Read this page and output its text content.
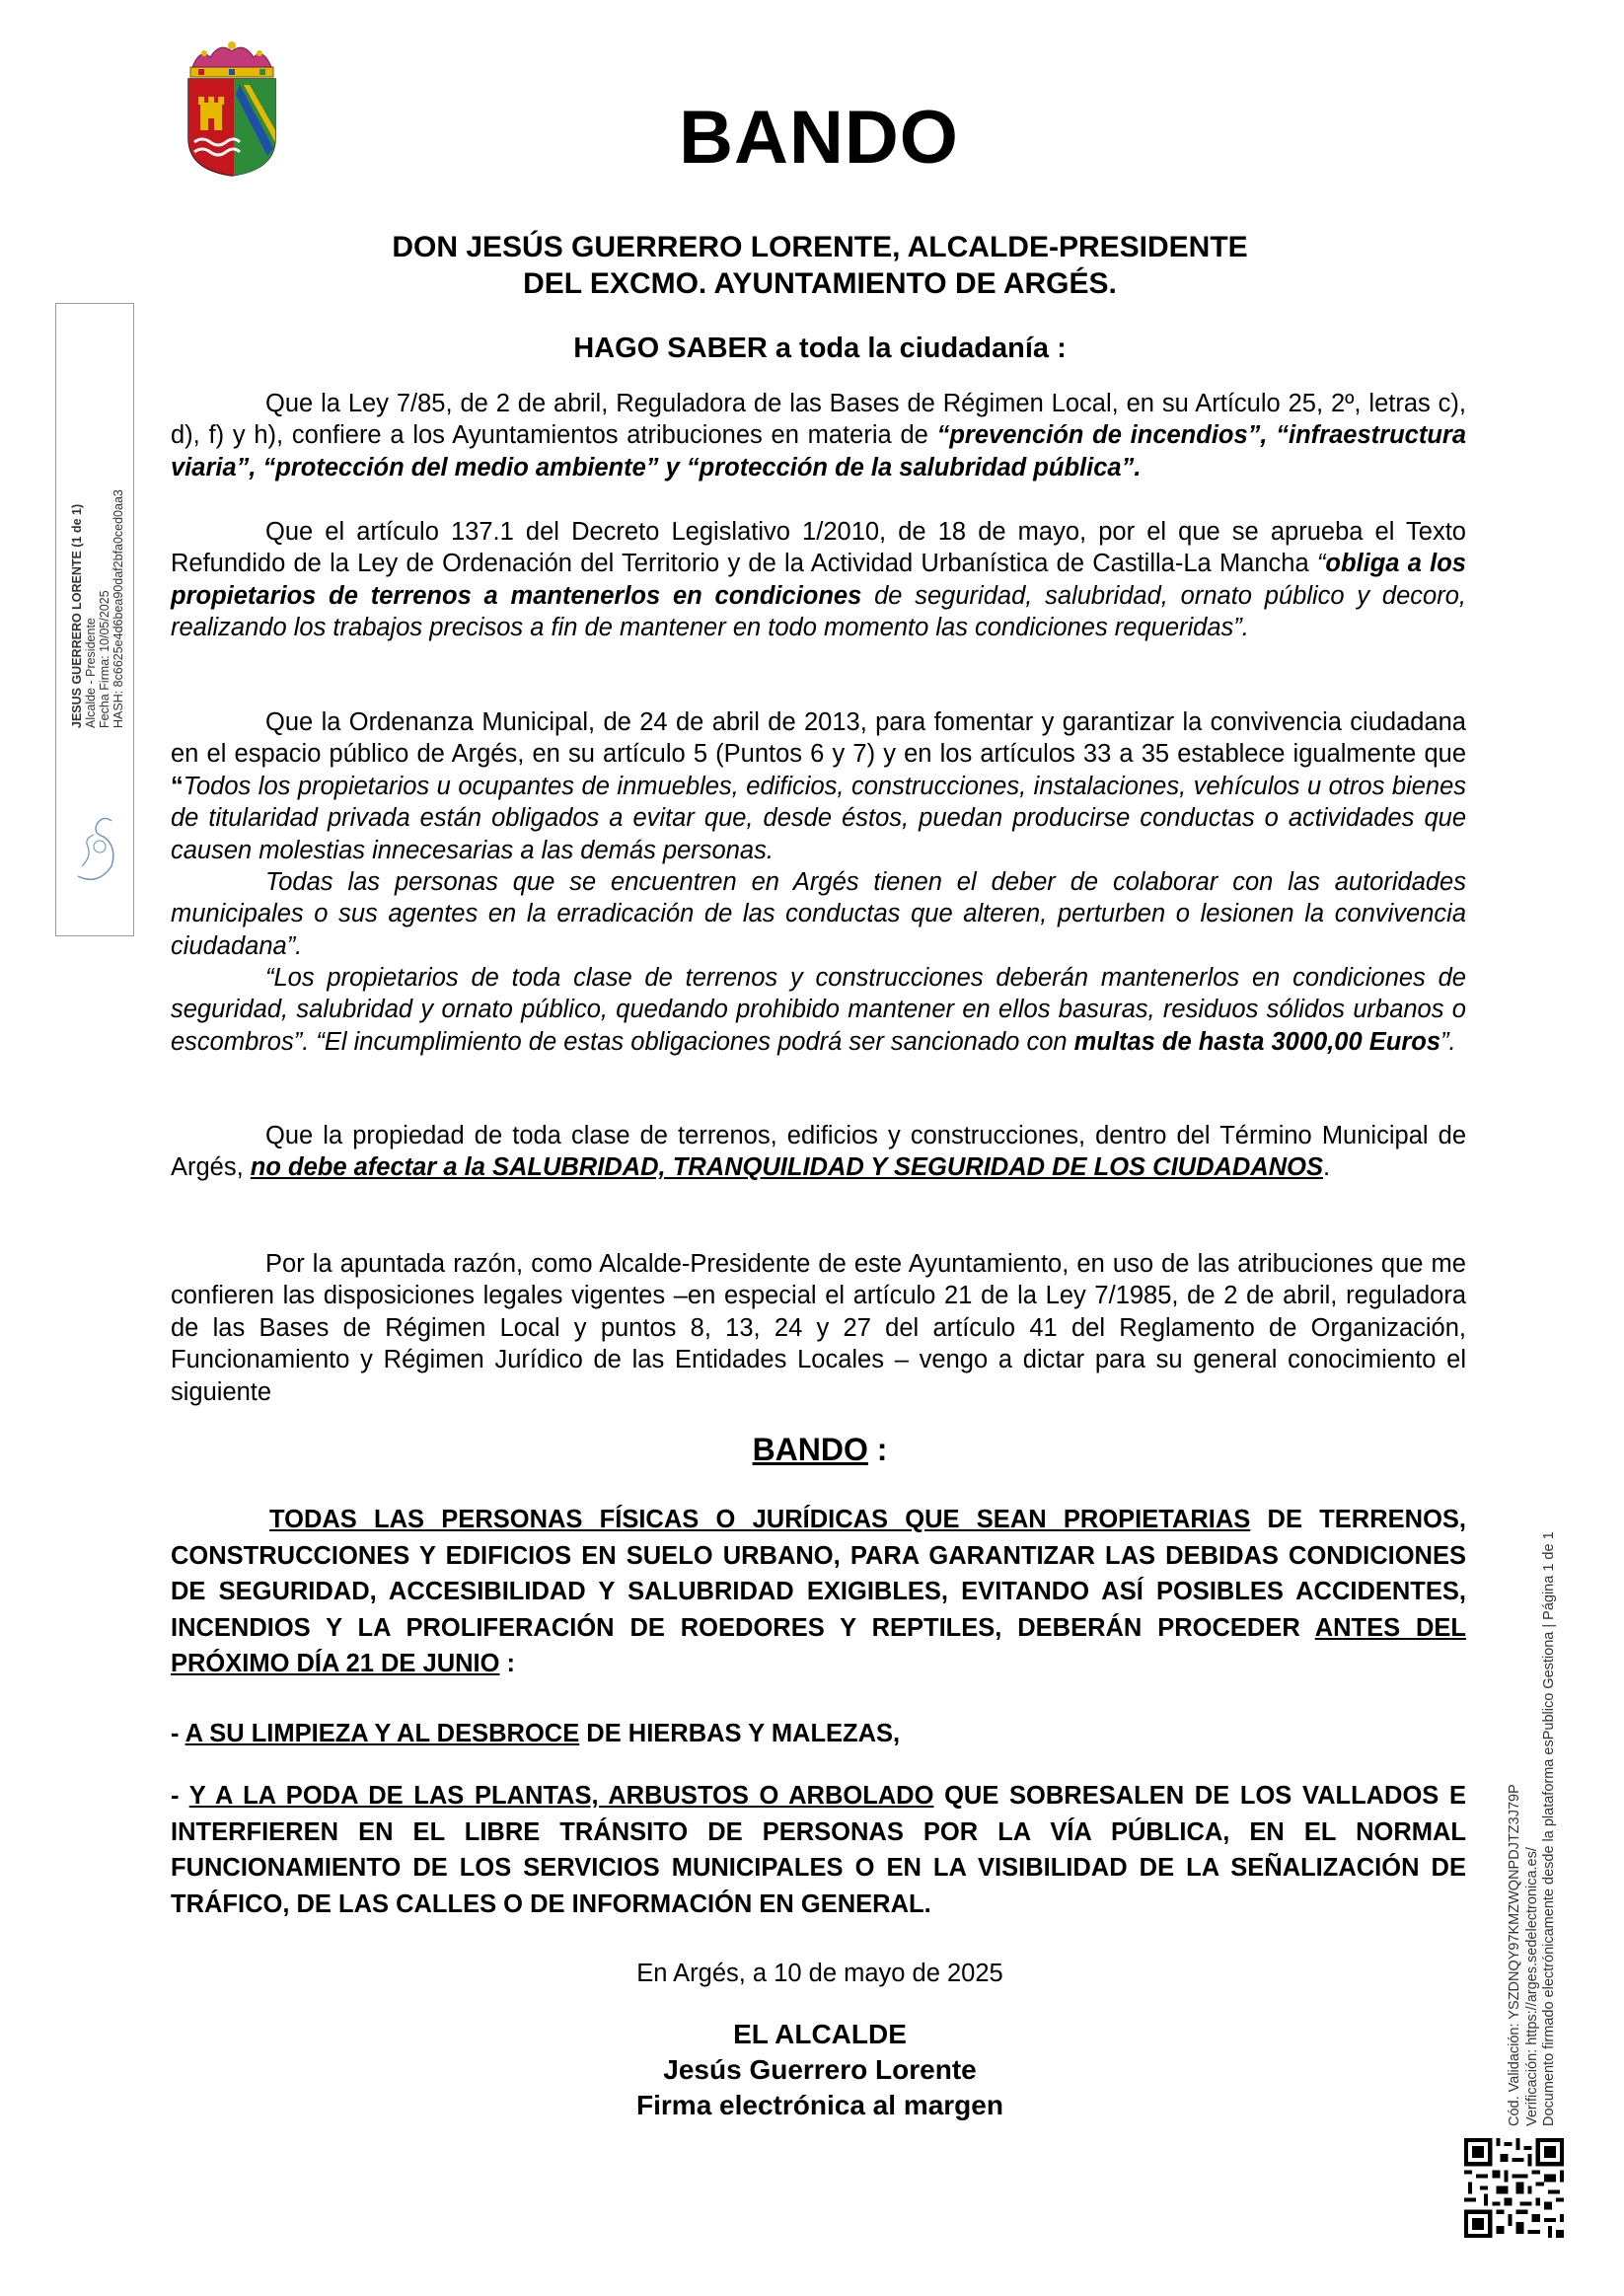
BANDO
DON JESÚS GUERRERO LORENTE, ALCALDE-PRESIDENTE
DEL EXCMO. AYUNTAMIENTO DE ARGÉS.
HAGO SABER a toda la ciudadanía :

Que la Ley 7/85, de 2 de abril, Reguladora de las Bases de Régimen Local, en su Artículo 25, 2º, letras c), d), f) y h), confiere a los Ayuntamientos atribuciones en materia de “prevención de incendios”, “infraestructura viaria”, “protección del medio ambiente” y “protección de la salubridad pública”.

Que el artículo 137.1 del Decreto Legislativo 1/2010, de 18 de mayo, por el que se aprueba el Texto Refundido de la Ley de Ordenación del Territorio y de la Actividad Urbanística de Castilla-La Mancha “obliga a los propietarios de terrenos a mantenerlos en condiciones de seguridad, salubridad, ornato público y decoro, realizando los trabajos precisos a fin de mantener en todo momento las condiciones requeridas”.

Que la Ordenanza Municipal, de 24 de abril de 2013, para fomentar y garantizar la convivencia ciudadana en el espacio público de Argés, en su artículo 5 (Puntos 6 y 7) y en los artículos 33 a 35 establece igualmente que “Todos los propietarios u ocupantes de inmuebles, edificios, construcciones, instalaciones, vehículos u otros bienes de titularidad privada están obligados a evitar que, desde éstos, puedan producirse conductas o actividades que causen molestias innecesarias a las demás personas.

Todas las personas que se encuentren en Argés tienen el deber de colaborar con las autoridades municipales o sus agentes en la erradicación de las conductas que alteren, perturben o lesionen la convivencia ciudadana”.

“Los propietarios de toda clase de terrenos y construcciones deberán mantenerlos en condiciones de seguridad, salubridad y ornato público, quedando prohibido mantener en ellos basuras, residuos sólidos urbanos o escombros”. “El incumplimiento de estas obligaciones podrá ser sancionado con multas de hasta 3000,00 Euros”.

Que la propiedad de toda clase de terrenos, edificios y construcciones, dentro del Término Municipal de Argés, no debe afectar a la SALUBRIDAD, TRANQUILIDAD Y SEGURIDAD DE LOS CIUDADANOS.

Por la apuntada razón, como Alcalde-Presidente de este Ayuntamiento, en uso de las atribuciones que me confieren las disposiciones legales vigentes –en especial el artículo 21 de la Ley 7/1985, de 2 de abril, reguladora de las Bases de Régimen Local y puntos 8, 13, 24 y 27 del artículo 41 del Reglamento de Organización, Funcionamiento y Régimen Jurídico de las Entidades Locales – vengo a dictar para su general conocimiento el siguiente

BANDO :

TODAS LAS PERSONAS FÍSICAS O JURÍDICAS QUE SEAN PROPIETARIAS DE TERRENOS, CONSTRUCCIONES Y EDIFICIOS EN SUELO URBANO, PARA GARANTIZAR LAS DEBIDAS CONDICIONES DE SEGURIDAD, ACCESIBILIDAD Y SALUBRIDAD EXIGIBLES, EVITANDO ASÍ POSIBLES ACCIDENTES, INCENDIOS Y LA PROLIFERACIÓN DE ROEDORES Y REPTILES, DEBERÁN PROCEDER ANTES DEL PRÓXIMO DÍA 21 DE JUNIO :

- A SU LIMPIEZA Y AL DESBROCE DE HIERBAS Y MALEZAS,

- Y A LA PODA DE LAS PLANTAS, ARBUSTOS O ARBOLADO QUE SOBRESALEN DE LOS VALLADOS E INTERFIEREN EN EL LIBRE TRÁNSITO DE PERSONAS POR LA VÍA PÚBLICA, EN EL NORMAL FUNCIONAMIENTO DE LOS SERVICIOS MUNICIPALES O EN LA VISIBILIDAD DE LA SEÑALIZACIÓN DE TRÁFICO, DE LAS CALLES O DE INFORMACIÓN EN GENERAL.

En Argés, a 10 de mayo de 2025
EL ALCALDE
Jesús Guerrero Lorente
Firma electrónica al margen
JESUS GUERRERO LORENTE (1 de 1) Alcalde - Presidente Fecha Firma: 10/05/2025 HASH: 8c6625e4d6bea90daf2bfa0ced0aa3
Cód. Validación: YSZDNQY97KMZWQNPDJTZ3J79P Verificación: https://arges.sedelectronica.es/ Documento firmado electrónicamente desde la plataforma esPublico Gestiona | Página 1 de 1
